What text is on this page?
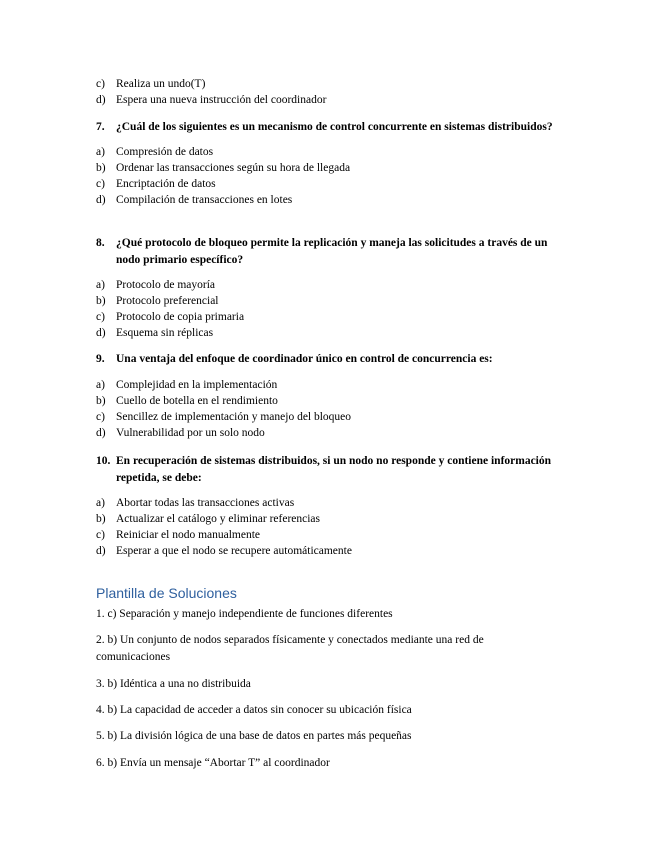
c) Realiza un undo(T)
d) Espera una nueva instrucción del coordinador
7. ¿Cuál de los siguientes es un mecanismo de control concurrente en sistemas distribuidos?
a) Compresión de datos
b) Ordenar las transacciones según su hora de llegada
c) Encriptación de datos
d) Compilación de transacciones en lotes
8. ¿Qué protocolo de bloqueo permite la replicación y maneja las solicitudes a través de un nodo primario específico?
a) Protocolo de mayoría
b) Protocolo preferencial
c) Protocolo de copia primaria
d) Esquema sin réplicas
9. Una ventaja del enfoque de coordinador único en control de concurrencia es:
a) Complejidad en la implementación
b) Cuello de botella en el rendimiento
c) Sencillez de implementación y manejo del bloqueo
d) Vulnerabilidad por un solo nodo
10. En recuperación de sistemas distribuidos, si un nodo no responde y contiene información repetida, se debe:
a) Abortar todas las transacciones activas
b) Actualizar el catálogo y eliminar referencias
c) Reiniciar el nodo manualmente
d) Esperar a que el nodo se recupere automáticamente
Plantilla de Soluciones
1. c) Separación y manejo independiente de funciones diferentes
2. b) Un conjunto de nodos separados físicamente y conectados mediante una red de comunicaciones
3. b) Idéntica a una no distribuida
4. b) La capacidad de acceder a datos sin conocer su ubicación física
5. b) La división lógica de una base de datos en partes más pequeñas
6. b) Envía un mensaje “Abortar T” al coordinador
